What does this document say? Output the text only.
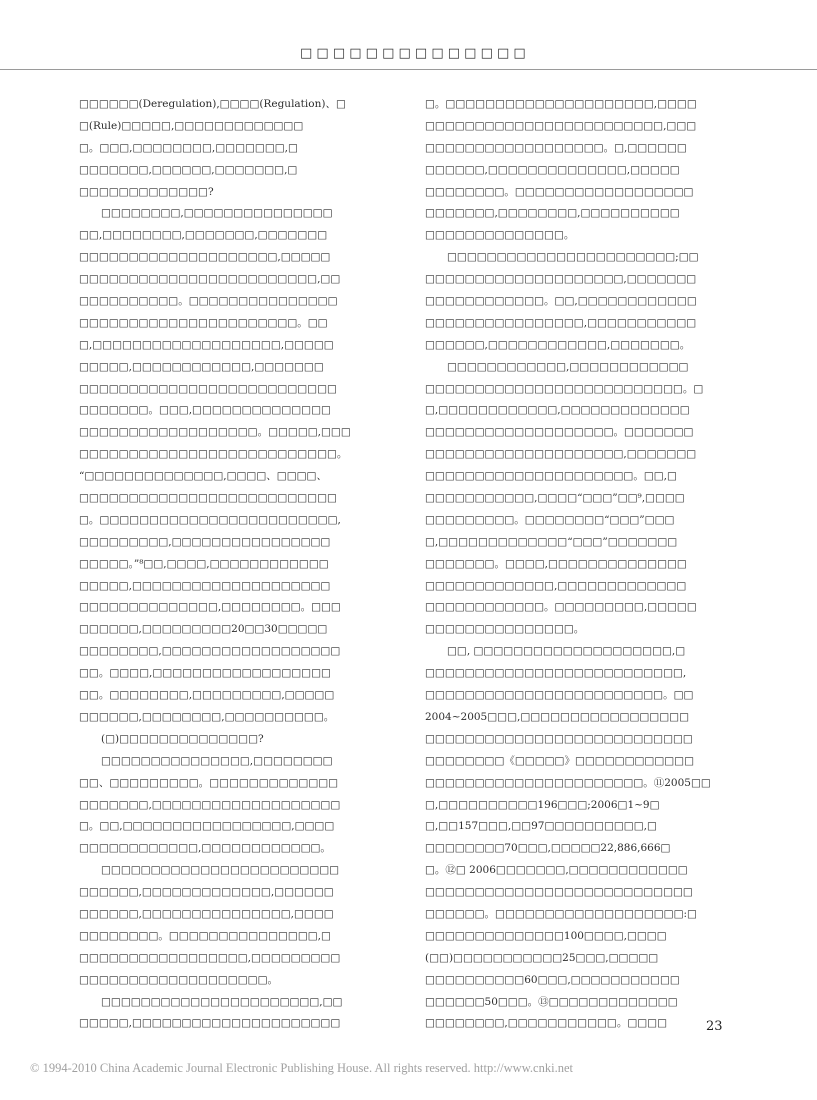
□ □ □ □ □ □ □ □ □ □ □ □ □ □
□□□□□□(Deregulation),□□□□(Regulation)、□
□(Rule)□□□□□,□□□□□□□□□□□□□
□。□□□,□□□□□□□□,□□□□□□□,□
□□□□□□□,□□□□□□,□□□□□□□,□
□□□□□□□□□□□□□?
□□□□□□□□,□□□□□□□□□□□□□□□
□□,□□□□□□□□,□□□□□□□,□□□□□□□
□□□□□□□□□□□□□□□□□□□□,□□□□□
□□□□□□□□□□□□□□□□□□□□□□□□,□□
□□□□□□□□□□。□□□□□□□□□□□□□□□
□□□□□□□□□□□□□□□□□□□□□□。□□
□,□□□□□□□□□□□□□□□□□□□,□□□□□
□□□□□,□□□□□□□□□□□□,□□□□□□□
□□□□□□□□□□□□□□□□□□□□□□□□□□
□□□□□□□。□□□,□□□□□□□□□□□□□□
□□□□□□□□□□□□□□□□□□。□□□□□,□□□
□□□□□□□□□□□□□□□□□□□□□□□□□□。
“□□□□□□□□□□□□□□,□□□□、□□□□、
□□□□□□□□□□□□□□□□□□□□□□□□□□
□。□□□□□□□□□□□□□□□□□□□□□□□□,
□□□□□□□□□,□□□□□□□□□□□□□□□□
□□□□□。”⁸□□,□□□□,□□□□□□□□□□□□
□□□□□,□□□□□□□□□□□□□□□□□□□□
□□□□□□□□□□□□□□,□□□□□□□□。□□□
□□□□□□,□□□□□□□□□20□□30□□□□□
□□□□□□□□,□□□□□□□□□□□□□□□□□□
□□。□□□□,□□□□□□□□□□□□□□□□□□
□□。□□□□□□□□,□□□□□□□□□,□□□□□
□□□□□□,□□□□□□□□,□□□□□□□□□□。
(□)□□□□□□□□□□□□□□?
□□□□□□□□□□□□□□□,□□□□□□□□
□□、□□□□□□□□□。□□□□□□□□□□□□□
□□□□□□□,□□□□□□□□□□□□□□□□□□□
□。□□,□□□□□□□□□□□□□□□□□,□□□□
□□□□□□□□□□□□,□□□□□□□□□□□□。
□□□□□□□□□□□□□□□□□□□□□□□□
□□□□□□,□□□□□□□□□□□□□,□□□□□□
□□□□□□,□□□□□□□□□□□□□□□,□□□□
□□□□□□□□。□□□□□□□□□□□□□□□,□
□□□□□□□□□□□□□□□□□,□□□□□□□□□
□□□□□□□□□□□□□□□□□□□。
□□□□□□□□□□□□□□□□□□□□□□,□□
□□□□□,□□□□□□□□□□□□□□□□□□□□□
□。□□□□□□□□□□□□□□□□□□□□□,□□□□
□□□□□□□□□□□□□□□□□□□□□□□□,□□□
□□□□□□□□□□□□□□□□□□。□,□□□□□□
□□□□□□,□□□□□□□□□□□□□□,□□□□□
□□□□□□□□。□□□□□□□□□□□□□□□□□□
□□□□□□□,□□□□□□□□,□□□□□□□□□□
□□□□□□□□□□□□□□。
□□□□□□□□□□□□□□□□□□□□□□□;□□
□□□□□□□□□□□□□□□□□□□□,□□□□□□□
□□□□□□□□□□□□。□□,□□□□□□□□□□□□
□□□□□□□□□□□□□□□□,□□□□□□□□□□□
□□□□□□,□□□□□□□□□□□□,□□□□□□□。
□□□□□□□□□□□□,□□□□□□□□□□□□
□□□□□□□□□□□□□□□□□□□□□□□□□□。□
□,□□□□□□□□□□□□,□□□□□□□□□□□□□
□□□□□□□□□□□□□□□□□□□。□□□□□□□
□□□□□□□□□□□□□□□□□□□□,□□□□□□□
□□□□□□□□□□□□□□□□□□□□□。□□,□
□□□□□□□□□□□,□□□□“□□□”□□⁹,□□□□
□□□□□□□□□。□□□□□□□□“□□□”□□□
□,□□□□□□□□□□□□□“□□□”□□□□□□□
□□□□□□□。□□□□,□□□□□□□□□□□□□□
□□□□□□□□□□□□□,□□□□□□□□□□□□□
□□□□□□□□□□□□。□□□□□□□□□,□□□□□
□□□□□□□□□□□□□□□。
□□, □□□□□□□□□□□□□□□□□□□□,□
□□□□□□□□□□□□□□□□□□□□□□□□□□,
□□□□□□□□□□□□□□□□□□□□□□□□。□□
2004~2005□□□,□□□□□□□□□□□□□□□□□
□□□□□□□□□□□□□□□□□□□□□□□□□□□
□□□□□□□□《□□□□□》□□□□□□□□□□□□
□□□□□□□□□□□□□□□□□□□□□□。⑪2005□□
□,□□□□□□□□□□196□□□;2006□1~9□
□,□□157□□□,□□97□□□□□□□□□□,□
□□□□□□□□70□□□,□□□□□22,886,666□
□。⑫□ 2006□□□□□□□,□□□□□□□□□□□□
□□□□□□□□□□□□□□□□□□□□□□□□□□□
□□□□□□。□□□□□□□□□□□□□□□□□□□:□
□□□□□□□□□□□□□□100□□□□,□□□□
(□□)□□□□□□□□□□□25□□□,□□□□□
□□□□□□□□□□60□□□,□□□□□□□□□□□
□□□□□□50□□□。⑬□□□□□□□□□□□□□
□□□□□□□□,□□□□□□□□□□□。□□□□	23
© 1994-2010 China Academic Journal Electronic Publishing House. All rights reserved. http://www.cnki.net
